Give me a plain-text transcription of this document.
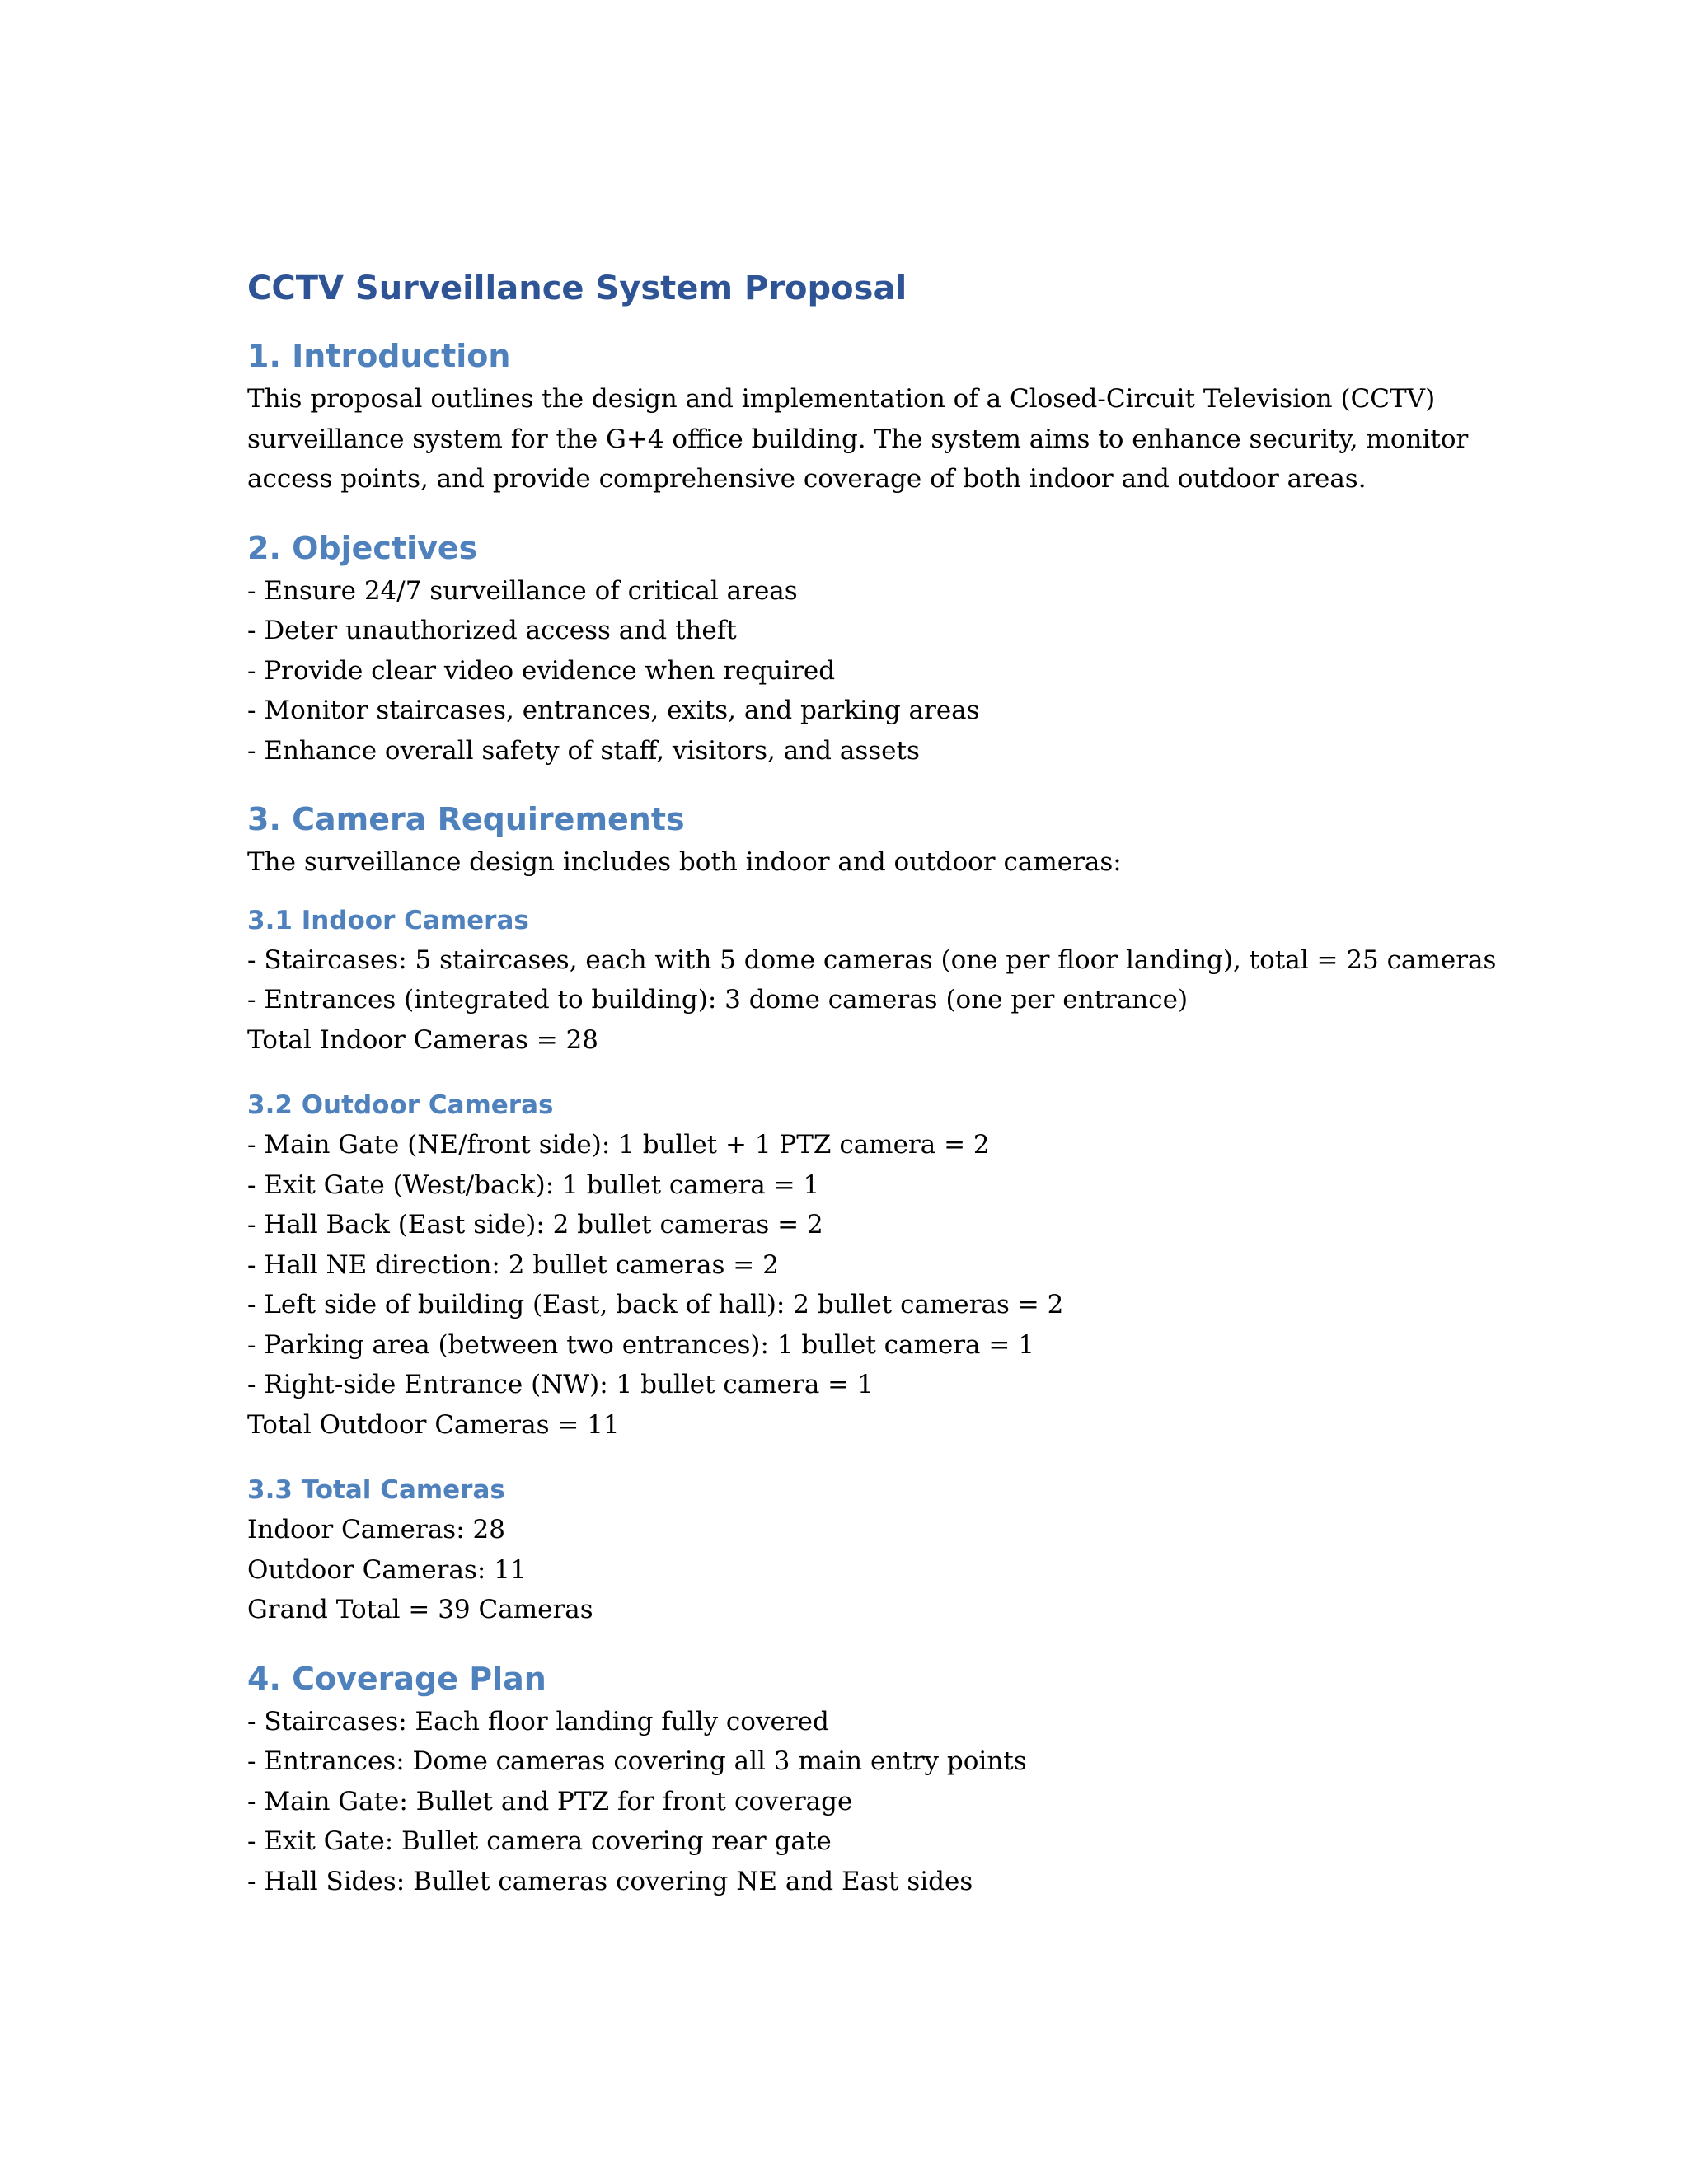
CCTV Surveillance System Proposal
1. Introduction
This proposal outlines the design and implementation of a Closed-Circuit Television (CCTV)
surveillance system for the G+4 office building. The system aims to enhance security, monitor
access points, and provide comprehensive coverage of both indoor and outdoor areas.
2. Objectives
- Ensure 24/7 surveillance of critical areas
- Deter unauthorized access and theft
- Provide clear video evidence when required
- Monitor staircases, entrances, exits, and parking areas
- Enhance overall safety of staff, visitors, and assets
3. Camera Requirements
The surveillance design includes both indoor and outdoor cameras:
3.1 Indoor Cameras
- Staircases: 5 staircases, each with 5 dome cameras (one per floor landing), total = 25 cameras
- Entrances (integrated to building): 3 dome cameras (one per entrance)
Total Indoor Cameras = 28
3.2 Outdoor Cameras
- Main Gate (NE/front side): 1 bullet + 1 PTZ camera = 2
- Exit Gate (West/back): 1 bullet camera = 1
- Hall Back (East side): 2 bullet cameras = 2
- Hall NE direction: 2 bullet cameras = 2
- Left side of building (East, back of hall): 2 bullet cameras = 2
- Parking area (between two entrances): 1 bullet camera = 1
- Right-side Entrance (NW): 1 bullet camera = 1
Total Outdoor Cameras = 11
3.3 Total Cameras
Indoor Cameras: 28
Outdoor Cameras: 11
Grand Total = 39 Cameras
4. Coverage Plan
- Staircases: Each floor landing fully covered
- Entrances: Dome cameras covering all 3 main entry points
- Main Gate: Bullet and PTZ for front coverage
- Exit Gate: Bullet camera covering rear gate
- Hall Sides: Bullet cameras covering NE and East sides
